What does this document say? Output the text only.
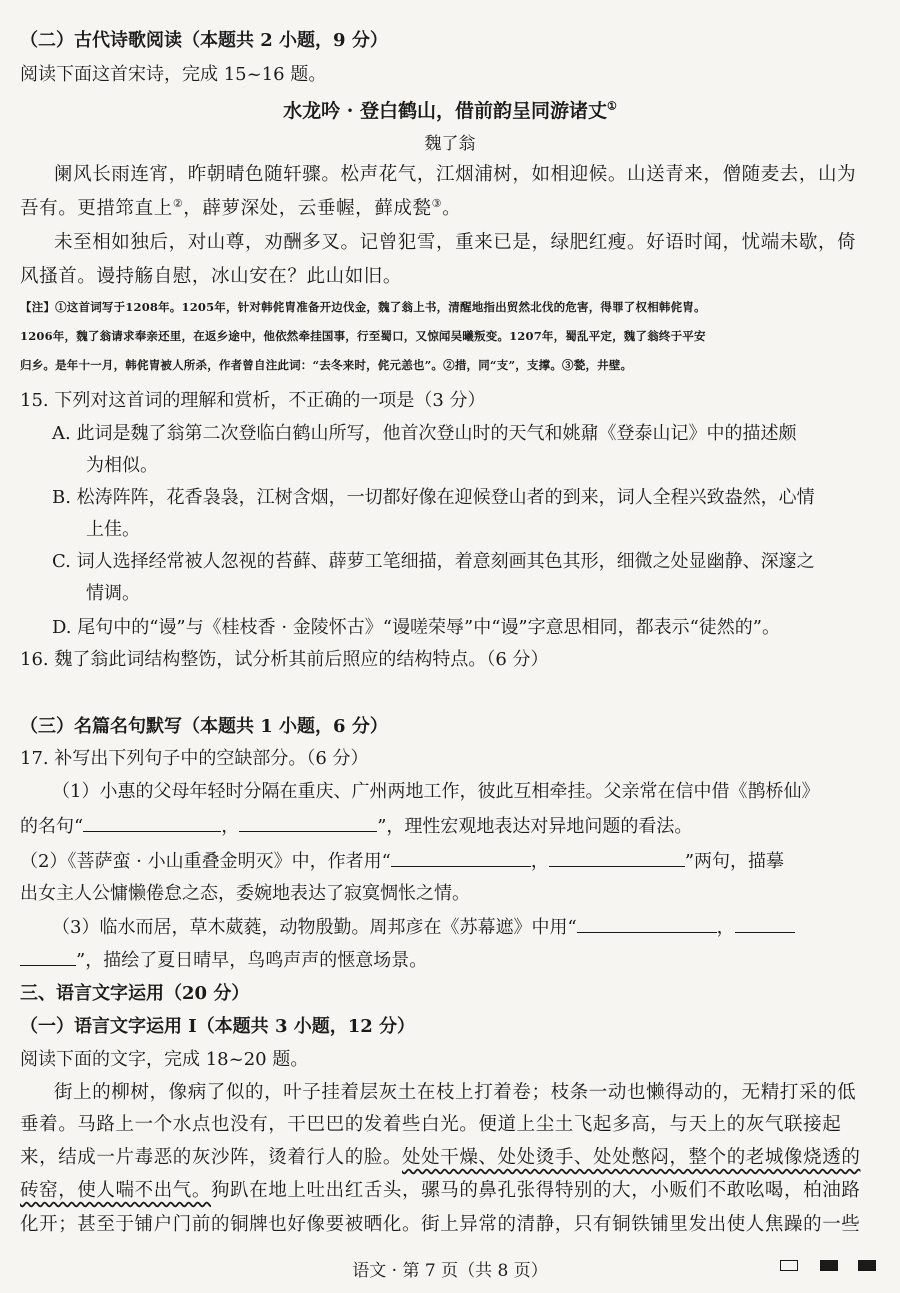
（二）古代诗歌阅读（本题共 2 小题，9 分）
阅读下面这首宋诗，完成 15~16 题。
水龙吟 · 登白鹤山，借前韵呈同游诸丈①
魏了翁
阑风长雨连宵，昨朝晴色随轩骤。松声花气，江烟浦树，如相迎候。山送青来，僧随麦去，山为
吾有。更措筇直上②，薜萝深处，云垂幄，藓成甃③。
未至相如独后，对山尊，劝酬多叉。记曾犯雪，重来已是，绿肥红瘦。好语时闻，忧端未歇，倚
风搔首。谩持觞自慰，冰山安在？此山如旧。
【注】①这首词写于1208年。1205年，针对韩侂胄准备开边伐金，魏了翁上书，清醒地指出贸然北伐的危害，得罪了权相韩侂胄。
1206年，魏了翁请求奉亲还里，在返乡途中，他依然牵挂国事，行至蜀口，又惊闻吴曦叛变。1207年，蜀乱平定，魏了翁终于平安
归乡。是年十一月，韩侂胄被人所杀，作者曾自注此词：“去冬来时，侂元恙也”。②措，同“支”，支撑。③甃，井壁。
15. 下列对这首词的理解和赏析，不正确的一项是（3 分）
A. 此词是魏了翁第二次登临白鹤山所写，他首次登山时的天气和姚鼐《登泰山记》中的描述颇
为相似。
B. 松涛阵阵，花香袅袅，江树含烟，一切都好像在迎候登山者的到来，词人全程兴致盎然，心情
上佳。
C. 词人选择经常被人忽视的苔藓、薜萝工笔细描，着意刻画其色其形，细微之处显幽静、深邃之
情调。
D. 尾句中的“谩”与《桂枝香 · 金陵怀古》“谩嗟荣辱”中“谩”字意思相同，都表示“徒然的”。
16. 魏了翁此词结构整饬，试分析其前后照应的结构特点。（6 分）
（三）名篇名句默写（本题共 1 小题，6 分）
17. 补写出下列句子中的空缺部分。（6 分）
（1）小惠的父母年轻时分隔在重庆、广州两地工作，彼此互相牵挂。父亲常在信中借《鹊桥仙》
的名句“	，	”，理性宏观地表达对异地问题的看法。
（2）《菩萨蛮 · 小山重叠金明灭》中，作者用“	，	”两句，描摹
出女主人公慵懒倦怠之态，委婉地表达了寂寞惆怅之情。
（3）临水而居，草木葳蕤，动物殷勤。周邦彦在《苏幕遮》中用“	，
”，描绘了夏日晴早，鸟鸣声声的惬意场景。
三、语言文字运用（20 分）
（一）语言文字运用 Ⅰ（本题共 3 小题，12 分）
阅读下面的文字，完成 18~20 题。
街上的柳树，像病了似的，叶子挂着层灰土在枝上打着卷；枝条一动也懒得动的，无精打采的低
垂着。马路上一个水点也没有，干巴巴的发着些白光。便道上尘土飞起多高，与天上的灰气联接起
来，结成一片毒恶的灰沙阵，烫着行人的脸。处处干燥、处处烫手、处处憋闷，整个的老城像烧透的
砖窑，使人喘不出气。狗趴在地上吐出红舌头，骡马的鼻孔张得特别的大，小贩们不敢吆喝，柏油路
化开；甚至于铺户门前的铜牌也好像要被晒化。街上异常的清静，只有铜铁铺里发出使人焦躁的一些
语文 · 第 7 页（共 8 页）
